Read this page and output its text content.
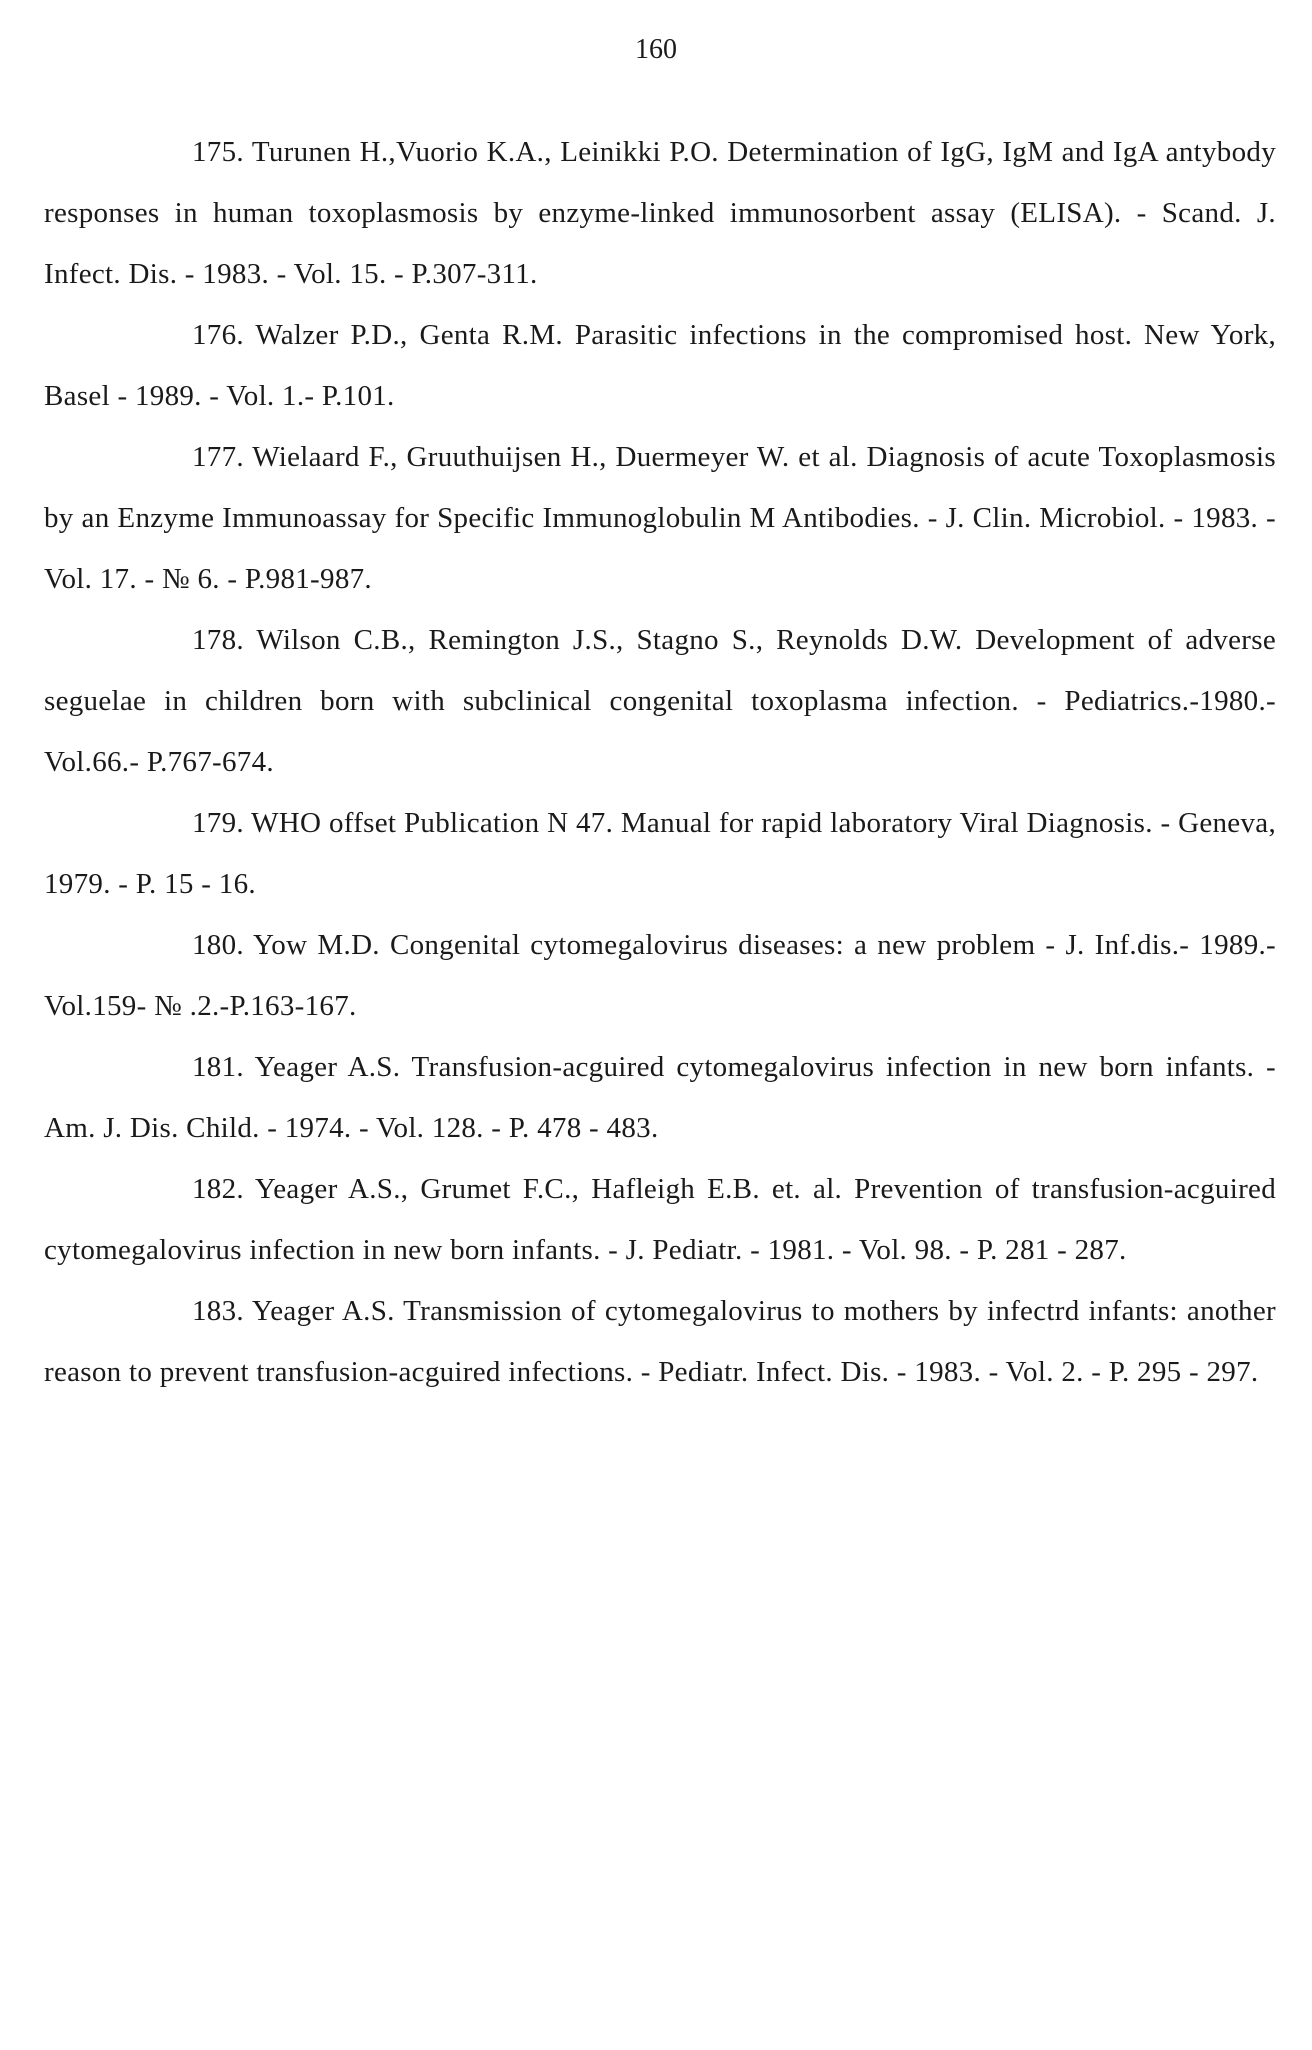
160

175. Turunen H.,Vuorio K.A., Leinikki P.O. Determination of IgG, IgM and IgA antybody responses in human toxoplasmosis by enzyme-linked immunosorbent assay (ELISA). - Scand. J. Infect. Dis. - 1983. - Vol. 15. - P.307-311.

176. Walzer P.D., Genta R.M. Parasitic infections in the compromised host. New York, Basel - 1989. - Vol. 1.- P.101.

177. Wielaard F., Gruuthuijsen H., Duermeyer W. et al. Diagnosis of acute Toxoplasmosis by an Enzyme Immunoassay for Specific Immunoglobulin M Antibodies. - J. Clin. Microbiol. - 1983. - Vol. 17. - № 6. - P.981-987.

178. Wilson C.B., Remington J.S., Stagno S., Reynolds D.W. Development of adverse seguelae in children born with subclinical congenital toxoplasma infection. - Pediatrics.-1980.- Vol.66.- P.767-674.

179. WHO offset Publication N 47. Manual for rapid laboratory Viral Diagnosis. - Geneva, 1979. - P. 15 - 16.

180. Yow M.D. Congenital cytomegalovirus diseases: a new problem - J. Inf.dis.- 1989.- Vol.159- № .2.-P.163-167.

181. Yeager A.S. Transfusion-acguired cytomegalovirus infection in new born infants. - Am. J. Dis. Child. - 1974. - Vol. 128. - P. 478 - 483.

182. Yeager A.S., Grumet F.C., Hafleigh E.B. et. al. Prevention of transfusion-acguired cytomegalovirus infection in new born infants. - J. Pediatr. - 1981. - Vol. 98. - P. 281 - 287.

183. Yeager A.S. Transmission of cytomegalovirus to mothers by infectrd infants: another reason to prevent transfusion-acguired infections. - Pediatr. Infect. Dis. - 1983. - Vol. 2. - P. 295 - 297.
